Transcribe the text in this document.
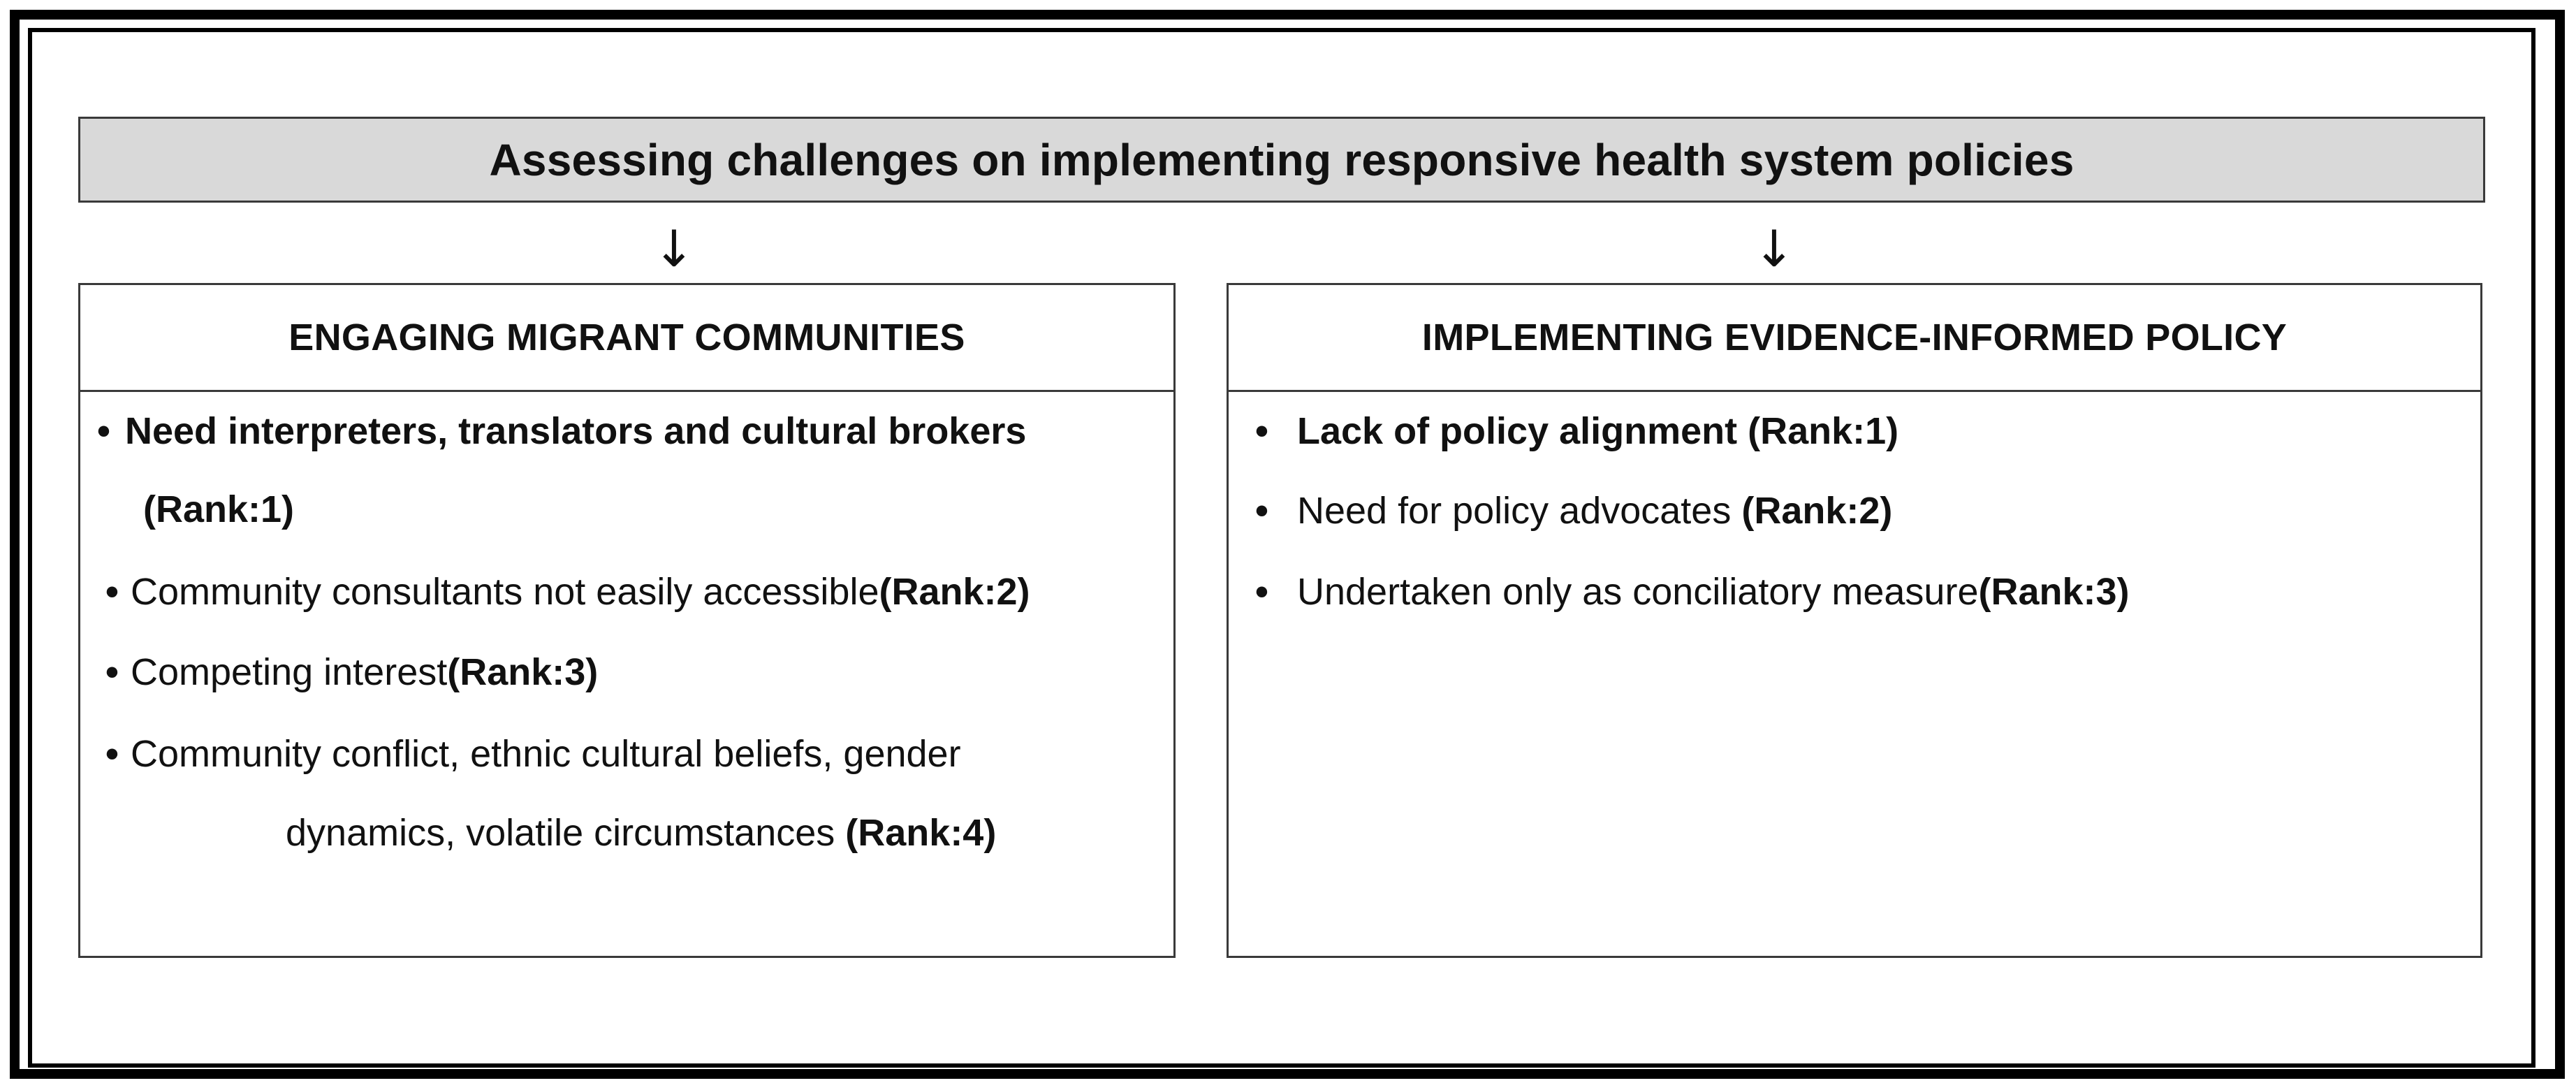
Assessing challenges on implementing responsive health system policies
↓	↓
ENGAGING MIGRANT COMMUNITIES
• Need interpreters, translators and cultural brokers
(Rank:1)
• Community consultants not easily accessible(Rank:2)
• Competing interest(Rank:3)
• Community conflict, ethnic cultural beliefs, gender
dynamics, volatile circumstances (Rank:4)
IMPLEMENTING EVIDENCE-INFORMED POLICY
• Lack of policy alignment (Rank:1)
• Need for policy advocates (Rank:2)
• Undertaken only as conciliatory measure(Rank:3)
